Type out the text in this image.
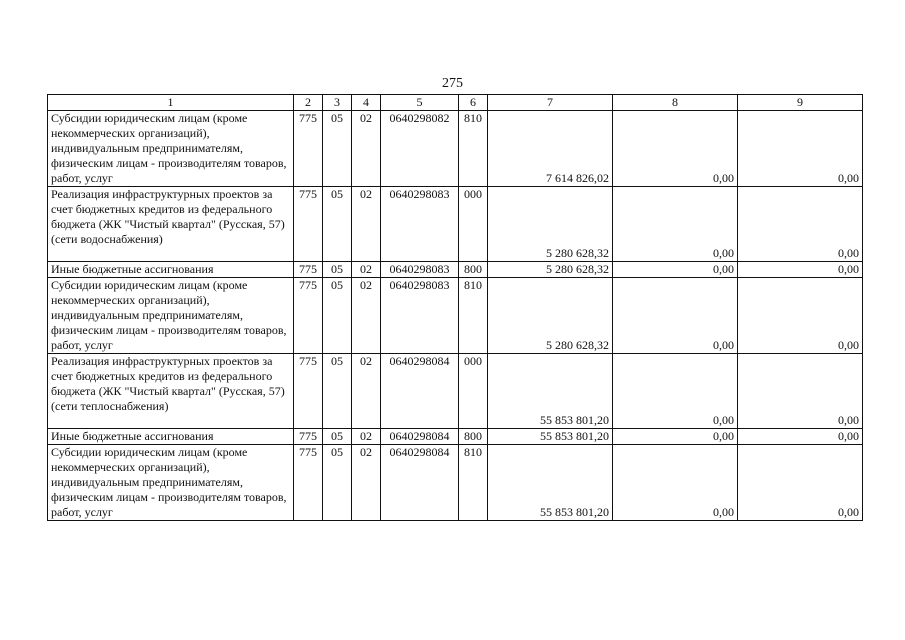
275
1	2	3	4	5	6	7	8	9
Субсидии юридическим лицам (кроме некоммерческих организаций), индивидуальным предпринимателям, физическим лицам - производителям товаров, работ, услуг	775	05	02	0640298082	810	7 614 826,02	0,00	0,00
Реализация инфраструктурных проектов за счет бюджетных кредитов из федерального бюджета (ЖК "Чистый квартал" (Русская, 57) (сети водоснабжения)	775	05	02	0640298083	000	5 280 628,32	0,00	0,00
Иные бюджетные ассигнования	775	05	02	0640298083	800	5 280 628,32	0,00	0,00
Субсидии юридическим лицам (кроме некоммерческих организаций), индивидуальным предпринимателям, физическим лицам - производителям товаров, работ, услуг	775	05	02	0640298083	810	5 280 628,32	0,00	0,00
Реализация инфраструктурных проектов за счет бюджетных кредитов из федерального бюджета (ЖК "Чистый квартал" (Русская, 57) (сети теплоснабжения)	775	05	02	0640298084	000	55 853 801,20	0,00	0,00
Иные бюджетные ассигнования	775	05	02	0640298084	800	55 853 801,20	0,00	0,00
Субсидии юридическим лицам (кроме некоммерческих организаций), индивидуальным предпринимателям, физическим лицам - производителям товаров, работ, услуг	775	05	02	0640298084	810	55 853 801,20	0,00	0,00
